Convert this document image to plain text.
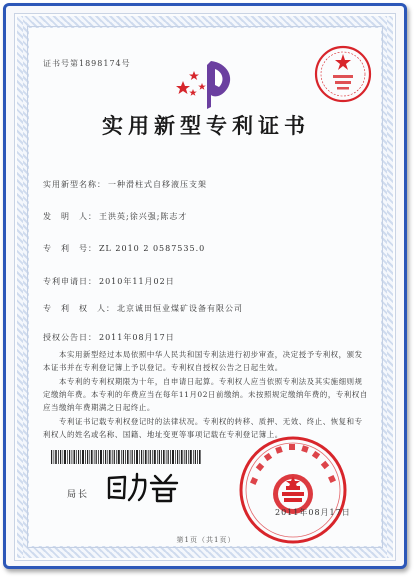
证书号第1898174号
实用新型专利证书
实用新型名称： 一种滑柱式自移液压支架
发　明　人： 王洪英;徐兴强;陈志才
专　利　号： ZL 2010 2 0587535.0
专利申请日： 2010年11月02日
专　利　权　人： 北京诚田恒业煤矿设备有限公司
授权公告日： 2011年08月17日
本实用新型经过本局依照中华人民共和国专利法进行初步审查，决定授予专利权，颁发本证书并在专利登记簿上予以登记。专利权自授权公告之日起生效。
本专利的专利权期限为十年，自申请日起算。专利权人应当依照专利法及其实施细则规定缴纳年费。本专利的年费应当在每年11月02日前缴纳。未按照规定缴纳年费的，专利权自应当缴纳年费期满之日起终止。
专利证书记载专利权登记时的法律状况。专利权的转移、质押、无效、终止、恢复和专利权人的姓名或名称、国籍、地址变更等事项记载在专利登记簿上。
局长
2011年08月17日
第1页（共1页）
